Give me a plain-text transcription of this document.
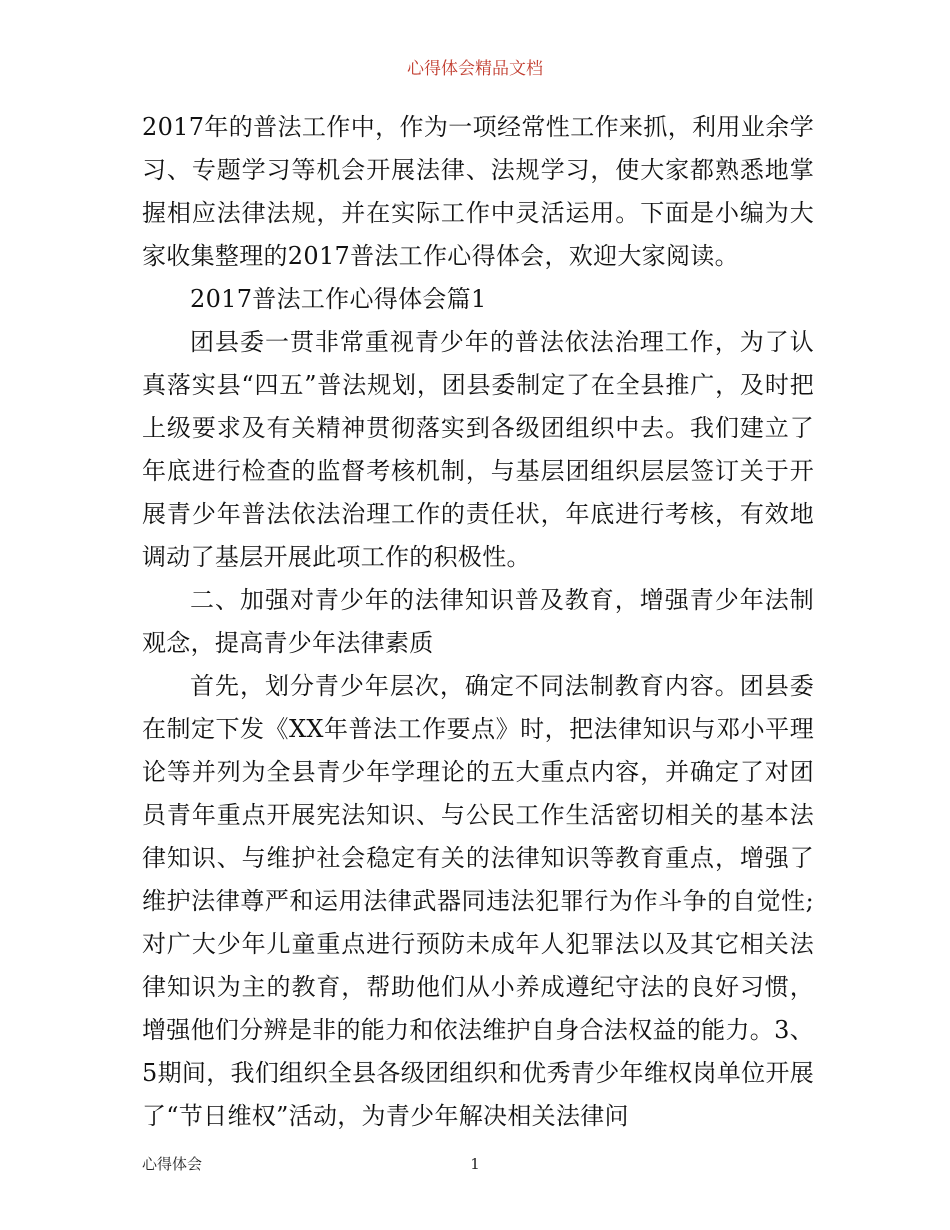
心得体会精品文档

2017年的普法工作中，作为一项经常性工作来抓，利用业余学习、专题学习等机会开展法律、法规学习，使大家都熟悉地掌握相应法律法规，并在实际工作中灵活运用。下面是小编为大家收集整理的2017普法工作心得体会，欢迎大家阅读。

2017普法工作心得体会篇1

团县委一贯非常重视青少年的普法依法治理工作，为了认真落实县“四五”普法规划，团县委制定了在全县推广，及时把上级要求及有关精神贯彻落实到各级团组织中去。我们建立了年底进行检查的监督考核机制，与基层团组织层层签订关于开展青少年普法依法治理工作的责任状，年底进行考核，有效地调动了基层开展此项工作的积极性。

二、加强对青少年的法律知识普及教育，增强青少年法制观念，提高青少年法律素质

首先，划分青少年层次，确定不同法制教育内容。团县委在制定下发《XX年普法工作要点》时，把法律知识与邓小平理论等并列为全县青少年学理论的五大重点内容，并确定了对团员青年重点开展宪法知识、与公民工作生活密切相关的基本法律知识、与维护社会稳定有关的法律知识等教育重点，增强了维护法律尊严和运用法律武器同违法犯罪行为作斗争的自觉性;对广大少年儿童重点进行预防未成年人犯罪法以及其它相关法律知识为主的教育，帮助他们从小养成遵纪守法的良好习惯，增强他们分辨是非的能力和依法维护自身合法权益的能力。3、5期间，我们组织全县各级团组织和优秀青少年维权岗单位开展了“节日维权”活动，为青少年解决相关法律问

心得体会	1
